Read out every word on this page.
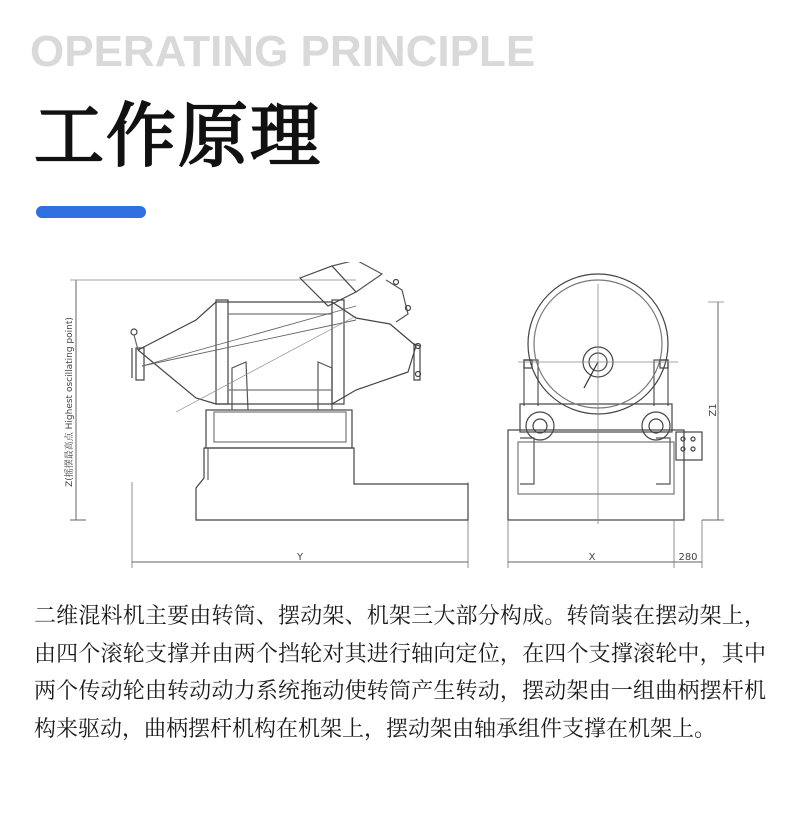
OPERATING PRINCIPLE
工作原理
Z(摇摆最高点 Highest oscillating point)
Y
Z1
X	280

二维混料机主要由转筒、摆动架、机架三大部分构成。转筒装在摆动架上，由四个滚轮支撑并由两个挡轮对其进行轴向定位，在四个支撑滚轮中，其中两个传动轮由转动动力系统拖动使转筒产生转动，摆动架由一组曲柄摆杆机构来驱动，曲柄摆杆机构在机架上，摆动架由轴承组件支撑在机架上。
